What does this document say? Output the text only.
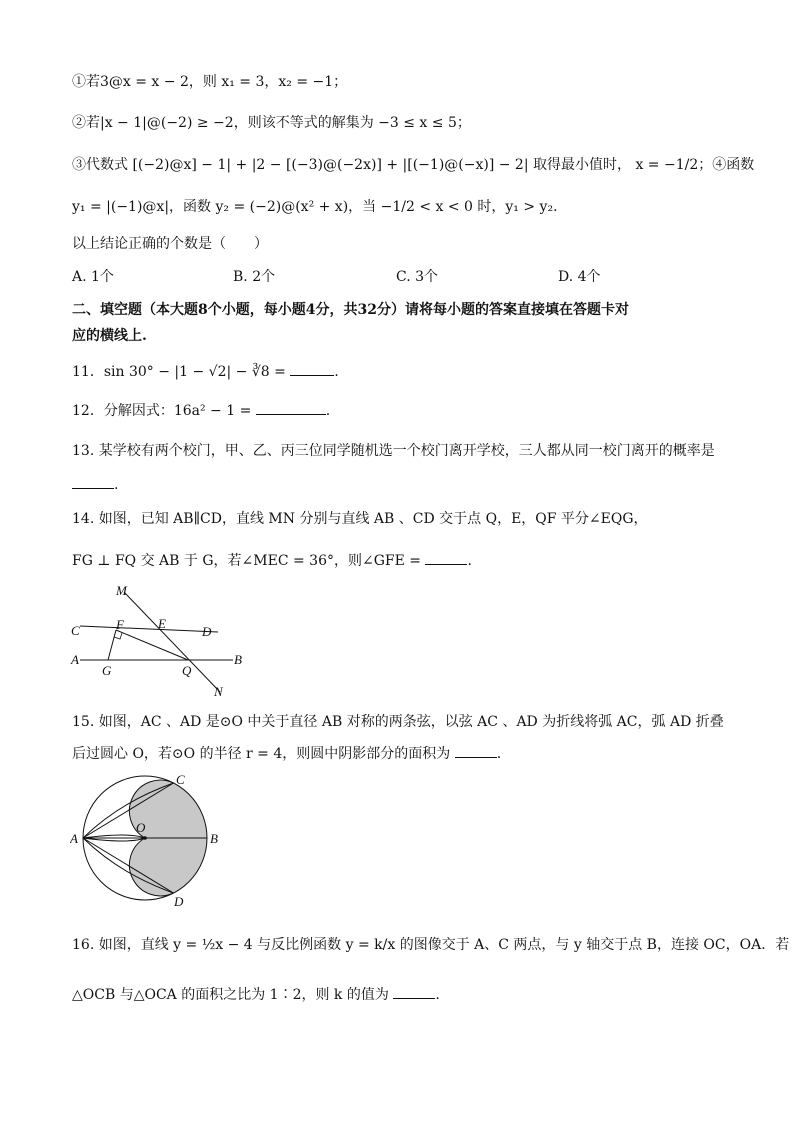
①若3@x = x − 2，则 x₁ = 3，x₂ = −1；
②若|x − 1|@(−2) ≥ −2，则该不等式的解集为 −3 ≤ x ≤ 5；
③代数式 [(−2)@x] − 1| + |2 − [(−3)@(−2x)] + |[(−1)@(−x)] − 2| 取得最小值时， x = −1/2；④函数
y₁ = |(−1)@x|，函数 y₂ = (−2)@(x² + x)，当 −1/2 < x < 0 时，y₁ > y₂．
以上结论正确的个数是（　　）
A. 1个	B. 2个	C. 3个	D. 4个
二、填空题（本大题8个小题，每小题4分，共32分）请将每小题的答案直接填在答题卡对
应的横线上.
11．sin 30° − |1 − √2| − ∛8 =	.
12．分解因式：16a² − 1 =	.
13. 某学校有两个校门，甲、乙、丙三位同学随机选一个校门离开学校，三人都从同一校门离开的概率是
.
14. 如图，已知 AB∥CD，直线 MN 分别与直线 AB 、CD 交于点 Q，E，QF 平分∠EQG，
FG ⊥ FQ 交 AB 于 G，若∠MEC = 36°，则∠GFE =	.
M
E
C	F	D
A
G	Q
B
N
15. 如图，AC 、AD 是⊙O 中关于直径 AB 对称的两条弦，以弦 AC 、AD 为折线将弧 AC，弧 AD 折叠
后过圆心 O，若⊙O 的半径 r = 4，则圆中阴影部分的面积为	.
A
O
B
C
D
16. 如图，直线 y = ½x − 4 与反比例函数 y = k/x 的图像交于 A、C 两点，与 y 轴交于点 B，连接 OC，OA．若
△OCB 与△OCA 的面积之比为 1∶2，则 k 的值为	.
